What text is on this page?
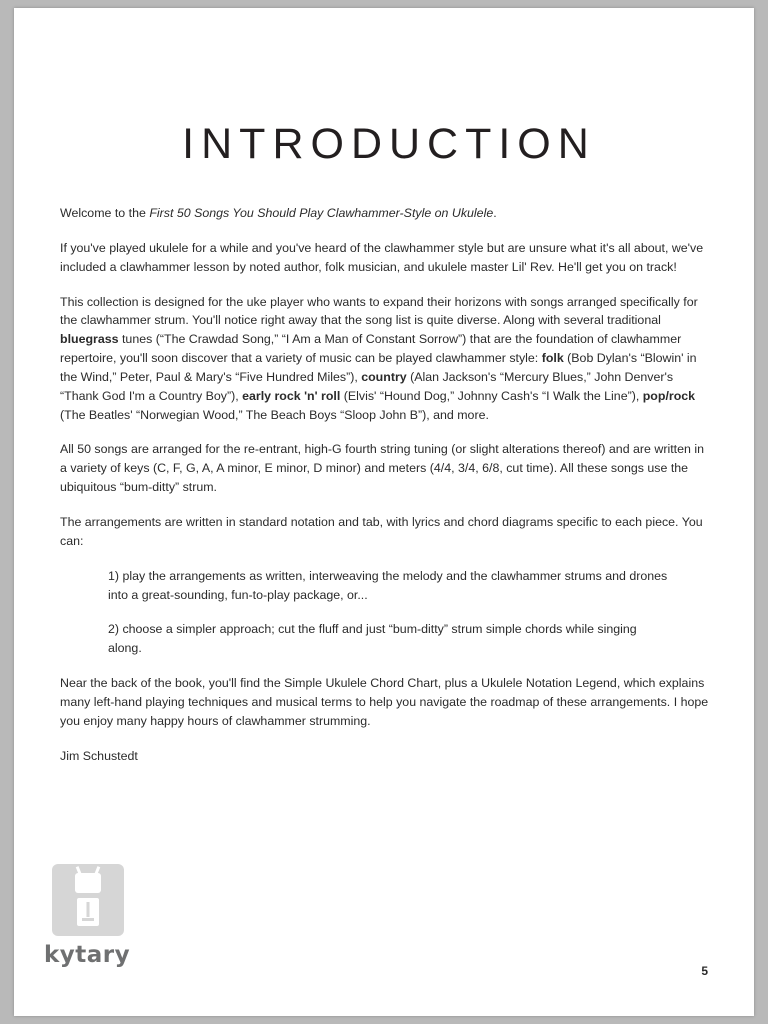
INTRODUCTION

Welcome to the First 50 Songs You Should Play Clawhammer-Style on Ukulele.

If you've played ukulele for a while and you've heard of the clawhammer style but are unsure what it's all about, we've included a clawhammer lesson by noted author, folk musician, and ukulele master Lil' Rev. He'll get you on track!

This collection is designed for the uke player who wants to expand their horizons with songs arranged specifically for the clawhammer strum. You'll notice right away that the song list is quite diverse. Along with several traditional bluegrass tunes (“The Crawdad Song,” “I Am a Man of Constant Sorrow”) that are the foundation of clawhammer repertoire, you'll soon discover that a variety of music can be played clawhammer style: folk (Bob Dylan's “Blowin' in the Wind,” Peter, Paul & Mary's “Five Hundred Miles”), country (Alan Jackson's “Mercury Blues,” John Denver's “Thank God I'm a Country Boy”), early rock 'n' roll (Elvis' “Hound Dog,” Johnny Cash's “I Walk the Line”), pop/rock (The Beatles' “Norwegian Wood,” The Beach Boys “Sloop John B”), and more.

All 50 songs are arranged for the re-entrant, high-G fourth string tuning (or slight alterations thereof) and are written in a variety of keys (C, F, G, A, A minor, E minor, D minor) and meters (4/4, 3/4, 6/8, cut time). All these songs use the ubiquitous “bum-ditty” strum.

The arrangements are written in standard notation and tab, with lyrics and chord diagrams specific to each piece. You can:

1) play the arrangements as written, interweaving the melody and the clawhammer strums and drones into a great-sounding, fun-to-play package, or...

2) choose a simpler approach; cut the fluff and just “bum-ditty” strum simple chords while singing along.

Near the back of the book, you'll find the Simple Ukulele Chord Chart, plus a Ukulele Notation Legend, which explains many left-hand playing techniques and musical terms to help you navigate the roadmap of these arrangements. I hope you enjoy many happy hours of clawhammer strumming.

Jim Schustedt

kytary
5
